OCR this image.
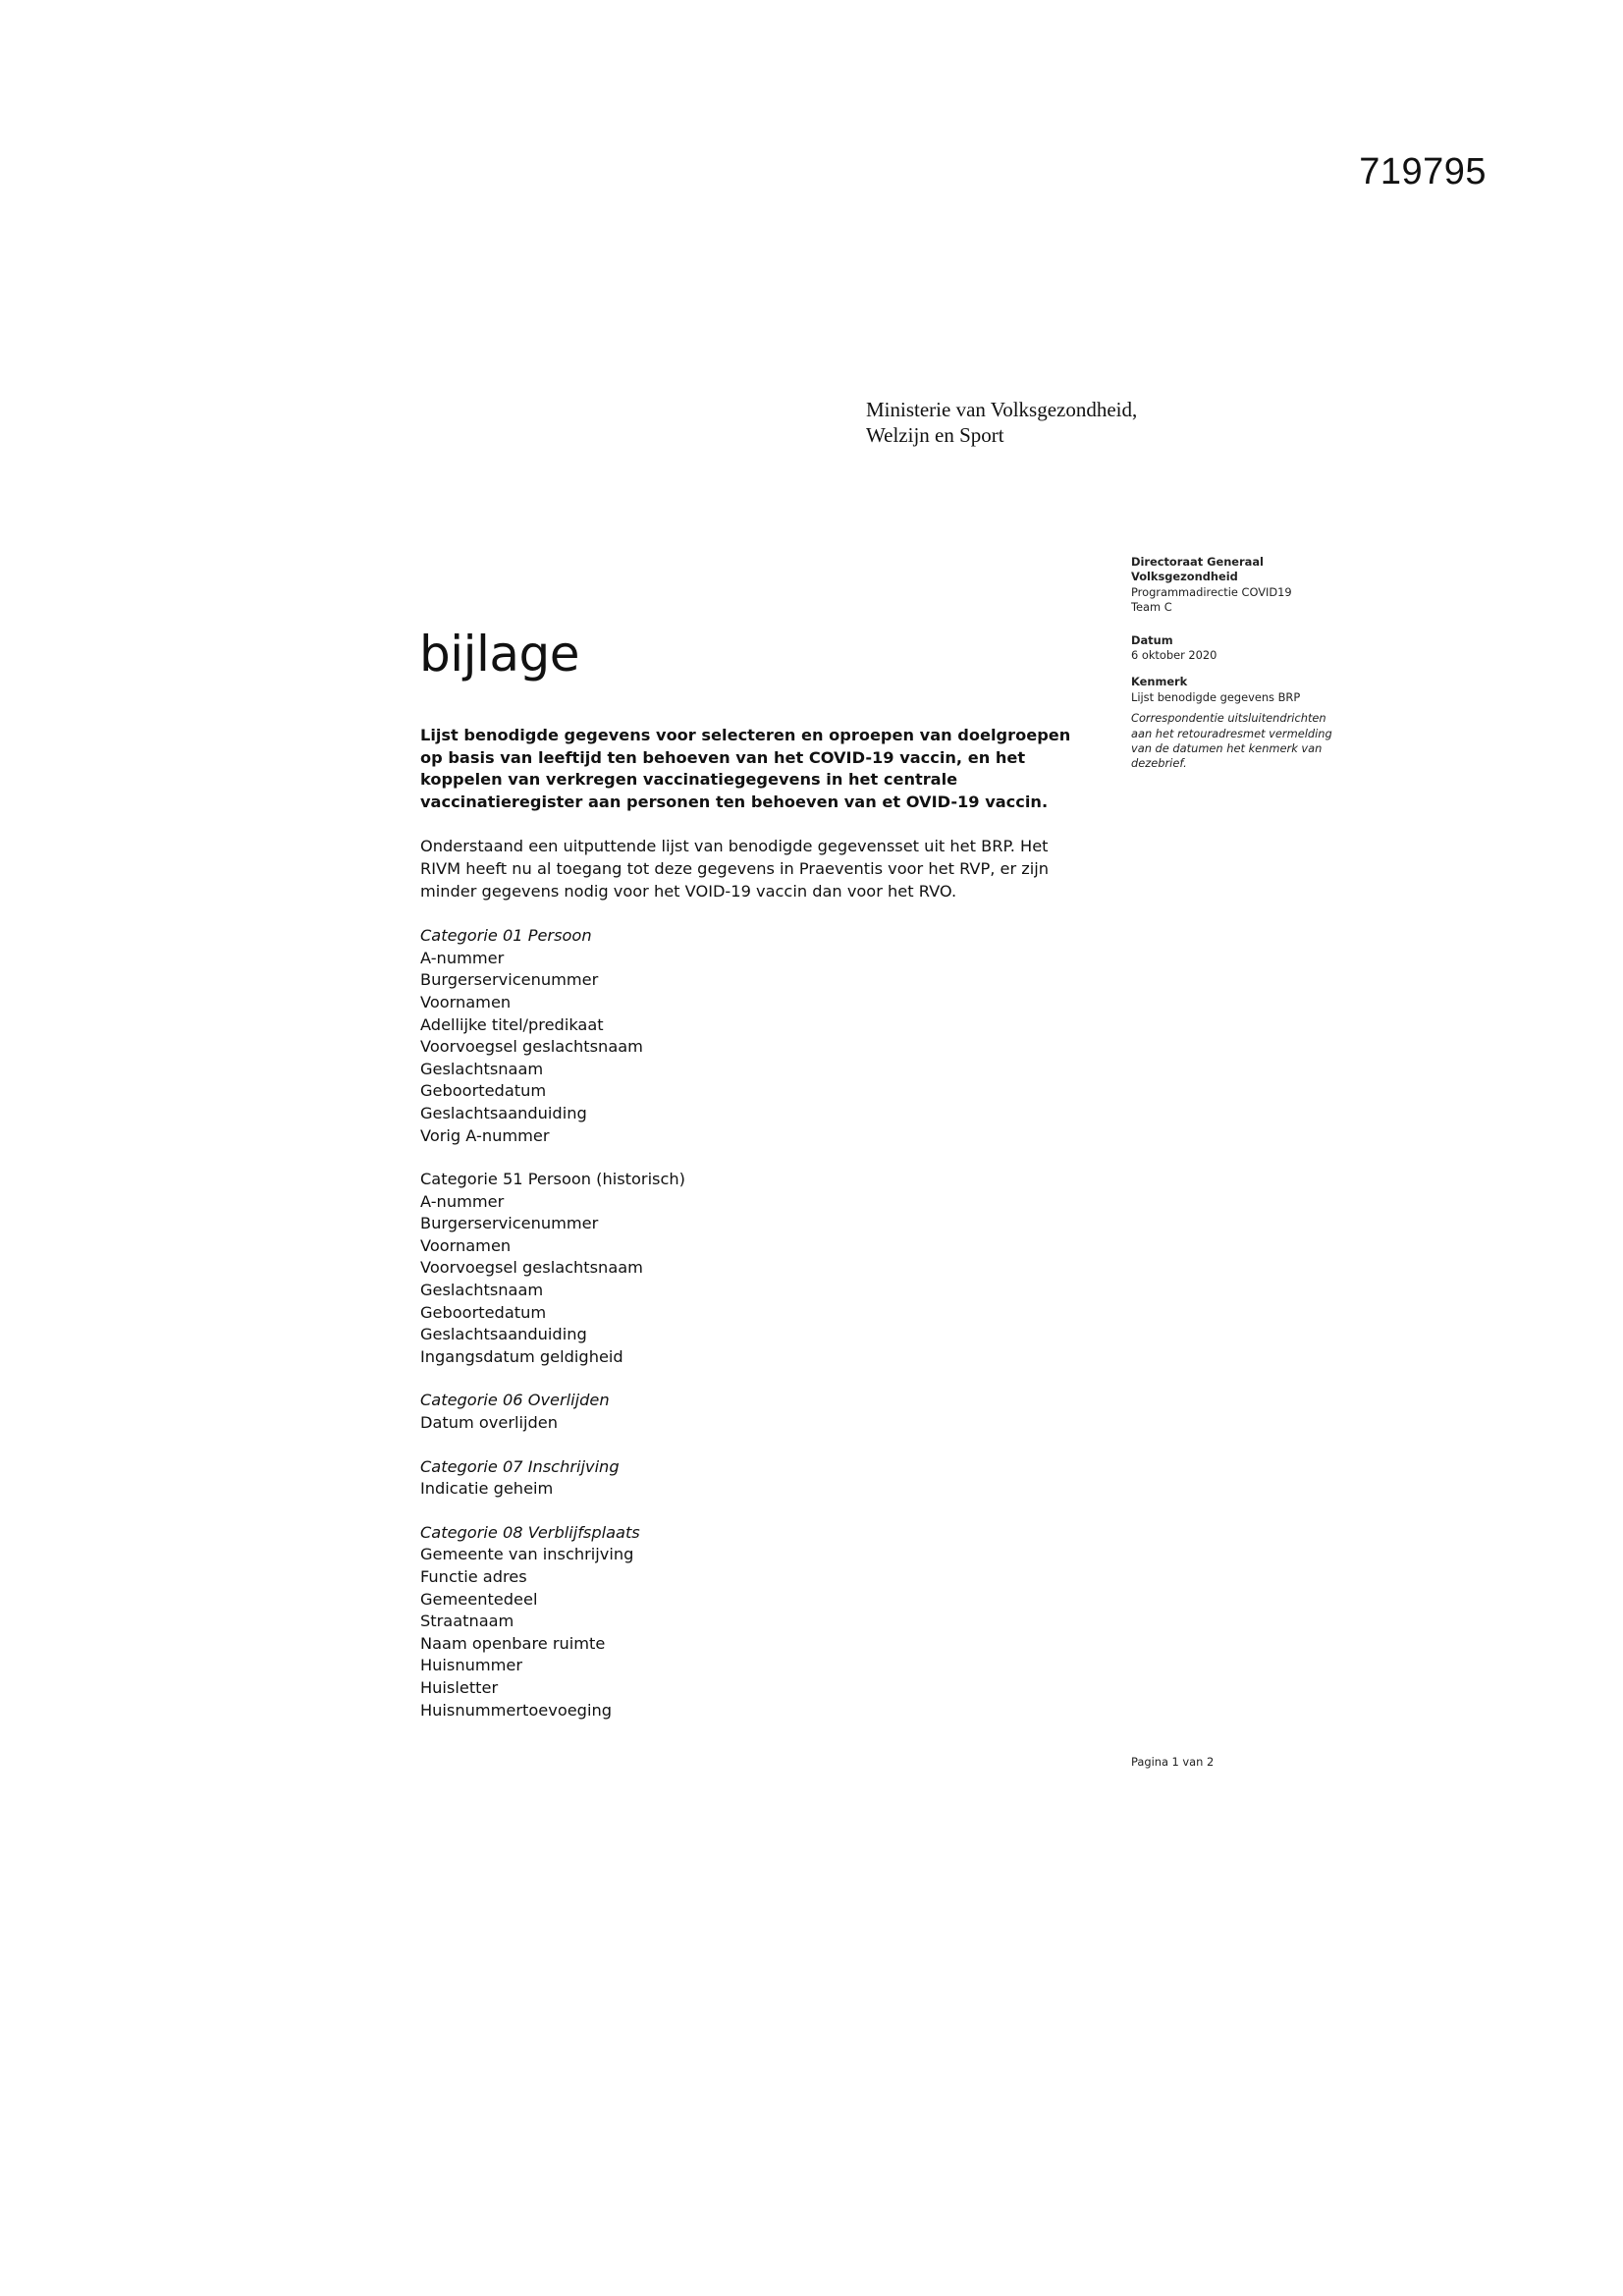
719795
Ministerie van Volksgezondheid,
Welzijn en Sport
Directoraat Generaal
Volksgezondheid
Programmadirectie COVID19
Team C
Datum
6 oktober 2020
Kenmerk
Lijst benodigde gegevens BRP
Correspondentie uitsluitendrichten aan het retouradresmet vermelding van de datumen het kenmerk van dezebrief.
bijlage
Lijst benodigde gegevens voor selecteren en oproepen van doelgroepen
op basis van leeftijd ten behoeven van het COVID-19 vaccin, en het
koppelen van verkregen vaccinatiegegevens in het centrale
vaccinatieregister aan personen ten behoeven van et OVID-19 vaccin.
Onderstaand een uitputtende lijst van benodigde gegevensset uit het BRP. Het
RIVM heeft nu al toegang tot deze gegevens in Praeventis voor het RVP, er zijn
minder gegevens nodig voor het VOID-19 vaccin dan voor het RVO.
Categorie 01 Persoon
A-nummer
Burgerservicenummer
Voornamen
Adellijke titel/predikaat
Voorvoegsel geslachtsnaam
Geslachtsnaam
Geboortedatum
Geslachtsaanduiding
Vorig A-nummer
Categorie 51 Persoon (historisch)
A-nummer
Burgerservicenummer
Voornamen
Voorvoegsel geslachtsnaam
Geslachtsnaam
Geboortedatum
Geslachtsaanduiding
Ingangsdatum geldigheid
Categorie 06 Overlijden
Datum overlijden
Categorie 07 Inschrijving
Indicatie geheim
Categorie 08 Verblijfsplaats
Gemeente van inschrijving
Functie adres
Gemeentedeel
Straatnaam
Naam openbare ruimte
Huisnummer
Huisletter
Huisnummertoevoeging
Pagina 1 van 2
